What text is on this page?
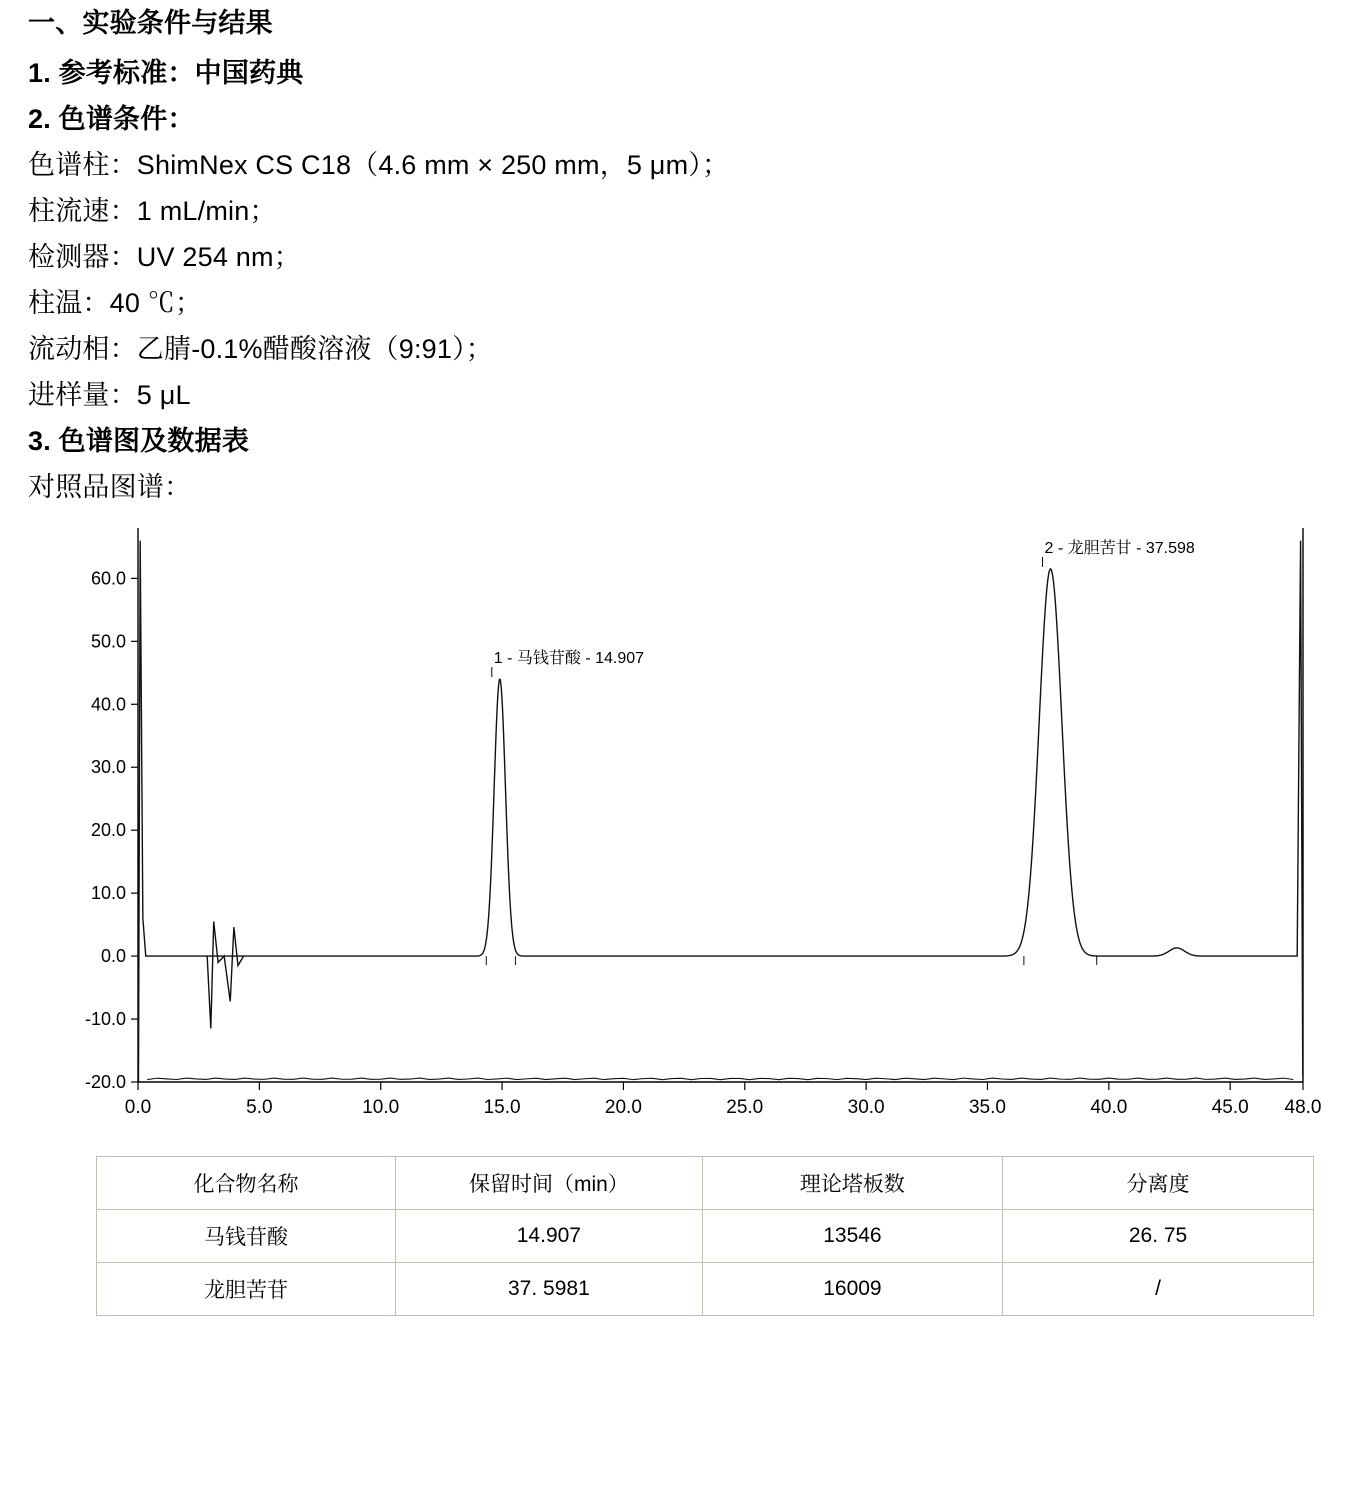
一、实验条件与结果
1. 参考标准：中国药典
2. 色谱条件：
色谱柱：ShimNex CS C18（4.6 mm × 250 mm，5 μm）；
柱流速：1 mL/min；
检测器：UV 254 nm；
柱温：40 ℃；
流动相：乙腈-0.1%醋酸溶液（9:91）；
进样量：5 μL
3. 色谱图及数据表
对照品图谱：
-20.0
-10.0
0.0
10.0
20.0
30.0
40.0
50.0
60.0
0.0	5.0	10.0	15.0	20.0	25.0	30.0	35.0	40.0	45.0 48.0
1 - 马钱苷酸 - 14.907
2 - 龙胆苦甘 - 37.598
化合物名称	保留时间（min）	理论塔板数	分离度
马钱苷酸	14.907	13546	26. 75
龙胆苦苷	37. 5981	16009	/
